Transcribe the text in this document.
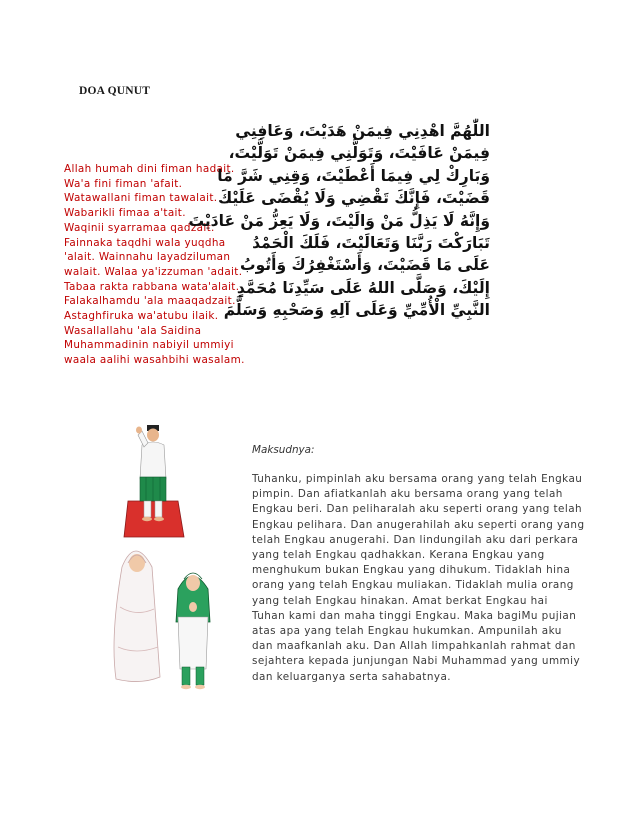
DOA QUNUT
Allah humah dini fiman hadait.
Wa'a fini fiman 'afait.
Watawallani fiman tawalait.
Wabarikli fimaa a'tait.
Waqinii syarramaa qadzait.
Fainnaka taqdhi wala yuqdha
'alait. Wainnahu layadziluman
walait. Walaa ya'izzuman 'adait.
Tabaa rakta rabbana wata'alait.
Falakalhamdu 'ala maaqadzait.
Astaghfiruka wa'atubu ilaik.
Wasallallahu 'ala Saidina
Muhammadinin nabiyil ummiyi
waala aalihi wasahbihi wasalam.
اللّٰهُمَّ اهْدِنِي فِيمَنْ هَدَيْتَ، وَعَافِنِي
فِيمَنْ عَافَيْتَ، وَتَوَلَّنِي فِيمَنْ تَوَلَّيْتَ،
وَبَارِكْ لِي فِيمَا أَعْطَيْتَ، وَقِنِي شَرَّ مَا
قَضَيْتَ، فَإِنَّكَ تَقْضِي وَلَا يُقْضَى عَلَيْكَ
وَإِنَّهُ لَا يَذِلُّ مَنْ وَالَيْتَ، وَلَا يَعِزُّ مَنْ عَادَيْتَ
تَبَارَكْتَ رَبَّنَا وَتَعَالَيْتَ، فَلَكَ الْحَمْدُ
عَلَى مَا قَضَيْتَ، وَأَسْتَغْفِرُكَ وَأَتُوبُ
إِلَيْكَ، وَصَلَّى اللهُ عَلَى سَيِّدِنَا مُحَمَّدٍ
النَّبِيِّ الْأُمِّيِّ وَعَلَى آلِهِ وَصَحْبِهِ وَسَلَّمَ
Maksudnya:
Tuhanku, pimpinlah aku bersama orang yang telah Engkau
pimpin. Dan afiatkanlah aku bersama orang yang telah
Engkau beri. Dan peliharalah aku seperti orang yang telah
Engkau pelihara. Dan anugerahilah aku seperti orang yang
telah Engkau anugerahi. Dan lindungilah aku dari perkara
yang telah Engkau qadhakkan. Kerana Engkau yang
menghukum bukan Engkau yang dihukum. Tidaklah hina
orang yang telah Engkau muliakan. Tidaklah mulia orang
yang telah Engkau hinakan. Amat berkat Engkau hai
Tuhan kami dan maha tinggi Engkau. Maka bagiMu pujian
atas apa yang telah Engkau hukumkan. Ampunilah aku
dan maafkanlah aku. Dan Allah limpahkanlah rahmat dan
sejahtera kepada junjungan Nabi Muhammad yang ummiy
dan keluarganya serta sahabatnya.
